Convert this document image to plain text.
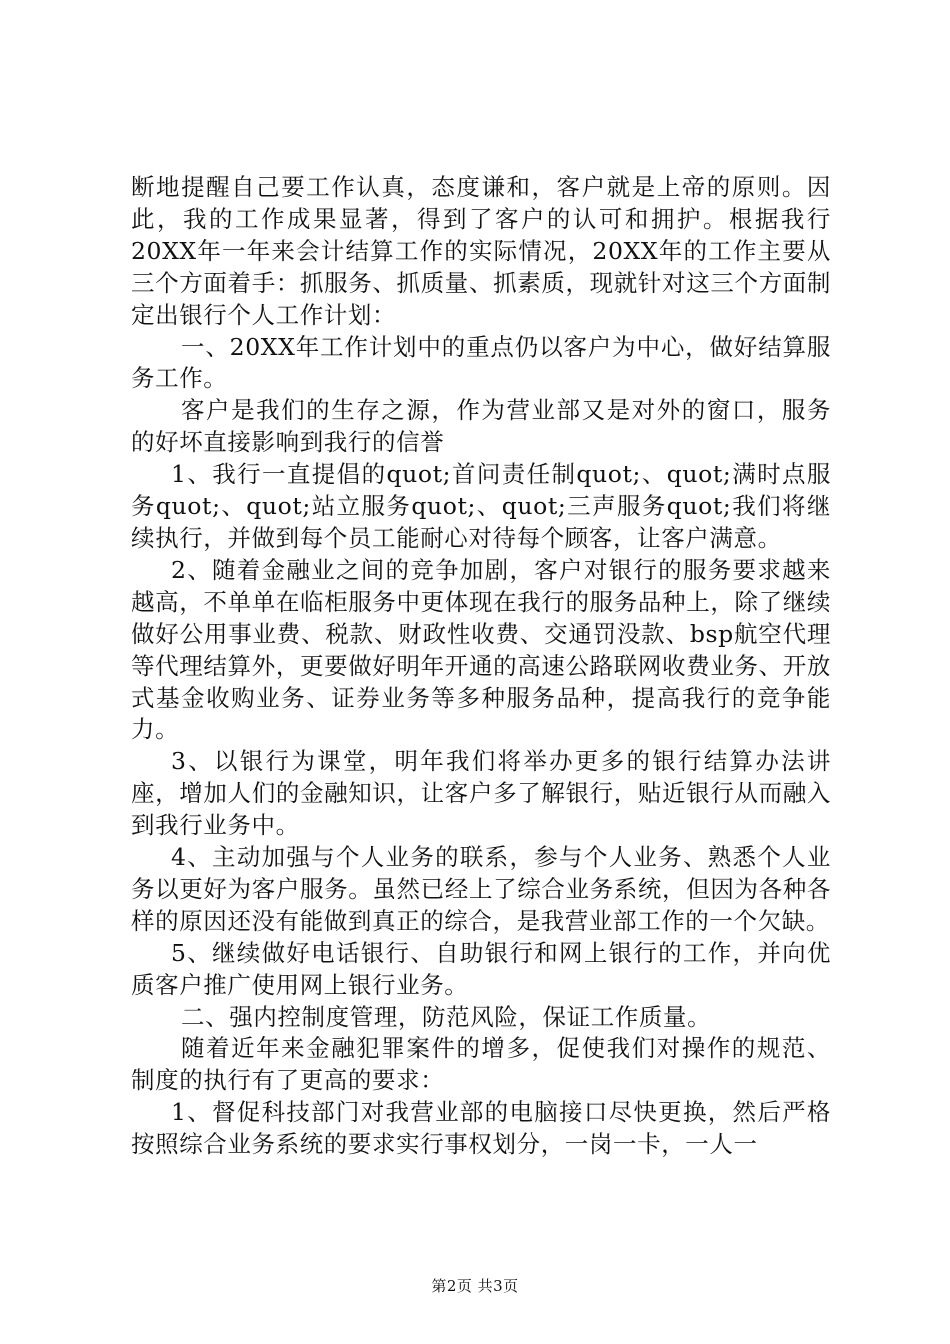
断地提醒自己要工作认真，态度谦和，客户就是上帝的原则。因此，我的工作成果显著，得到了客户的认可和拥护。根据我行20XX年一年来会计结算工作的实际情况，20XX年的工作主要从三个方面着手：抓服务、抓质量、抓素质，现就针对这三个方面制定出银行个人工作计划：

一、20XX年工作计划中的重点仍以客户为中心，做好结算服务工作。

客户是我们的生存之源，作为营业部又是对外的窗口，服务的好坏直接影响到我行的信誉

1、我行一直提倡的quot;首问责任制quot;、quot;满时点服务quot;、quot;站立服务quot;、quot;三声服务quot;我们将继续执行，并做到每个员工能耐心对待每个顾客，让客户满意。

2、随着金融业之间的竞争加剧，客户对银行的服务要求越来越高，不单单在临柜服务中更体现在我行的服务品种上，除了继续做好公用事业费、税款、财政性收费、交通罚没款、bsp航空代理等代理结算外，更要做好明年开通的高速公路联网收费业务、开放式基金收购业务、证券业务等多种服务品种，提高我行的竞争能力。

3、以银行为课堂，明年我们将举办更多的银行结算办法讲座，增加人们的金融知识，让客户多了解银行，贴近银行从而融入到我行业务中。

4、主动加强与个人业务的联系，参与个人业务、熟悉个人业务以更好为客户服务。虽然已经上了综合业务系统，但因为各种各样的原因还没有能做到真正的综合，是我营业部工作的一个欠缺。

5、继续做好电话银行、自助银行和网上银行的工作，并向优质客户推广使用网上银行业务。

二、强内控制度管理，防范风险，保证工作质量。

随着近年来金融犯罪案件的增多，促使我们对操作的规范、制度的执行有了更高的要求：

1、督促科技部门对我营业部的电脑接口尽快更换，然后严格按照综合业务系统的要求实行事权划分，一岗一卡，一人一

第2页 共3页
